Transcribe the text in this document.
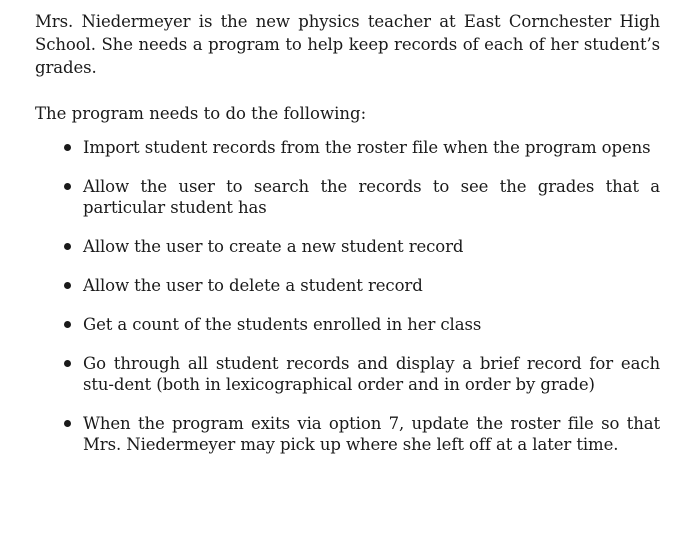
Mrs. Niedermeyer is the new physics teacher at East Cornchester High School. She needs a program to help keep records of each of her student’s grades.

The program needs to do the following:

Import student records from the roster file when the program opens
Allow the user to search the records to see the grades that a particular student has
Allow the user to create a new student record
Allow the user to delete a student record
Get a count of the students enrolled in her class
Go through all student records and display a brief record for each stu-dent (both in lexicographical order and in order by grade)
When the program exits via option 7, update the roster file so that Mrs. Niedermeyer may pick up where she left off at a later time.
